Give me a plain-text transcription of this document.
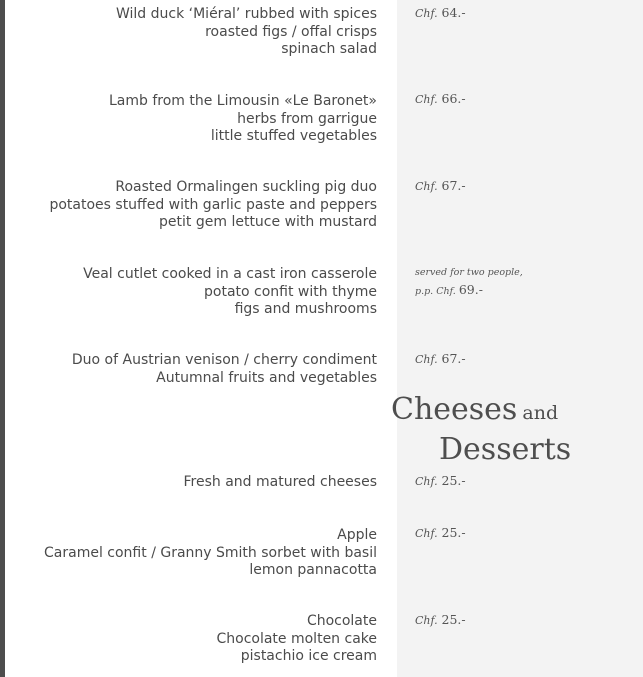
Wild duck ‘Miéral’ rubbed with spices
roasted figs / offal crisps
spinach salad
Chf. 64.-
Lamb from the Limousin «Le Baronet»
herbs from garrigue
little stuffed vegetables
Chf. 66.-
Roasted Ormalingen suckling pig duo
potatoes stuffed with garlic paste and peppers
petit gem lettuce with mustard
Chf. 67.-
Veal cutlet cooked in a cast iron casserole
potato confit with thyme
figs and mushrooms
served for two people,
p.p. Chf. 69.-
Duo of Austrian venison / cherry condiment
Autumnal fruits and vegetables
Chf. 67.-
Cheeses and
Desserts
Fresh and matured cheeses	Chf. 25.-
Apple
Caramel confit / Granny Smith sorbet with basil
lemon pannacotta
Chf. 25.-
Chocolate
Chocolate molten cake
pistachio ice cream
Chf. 25.-
